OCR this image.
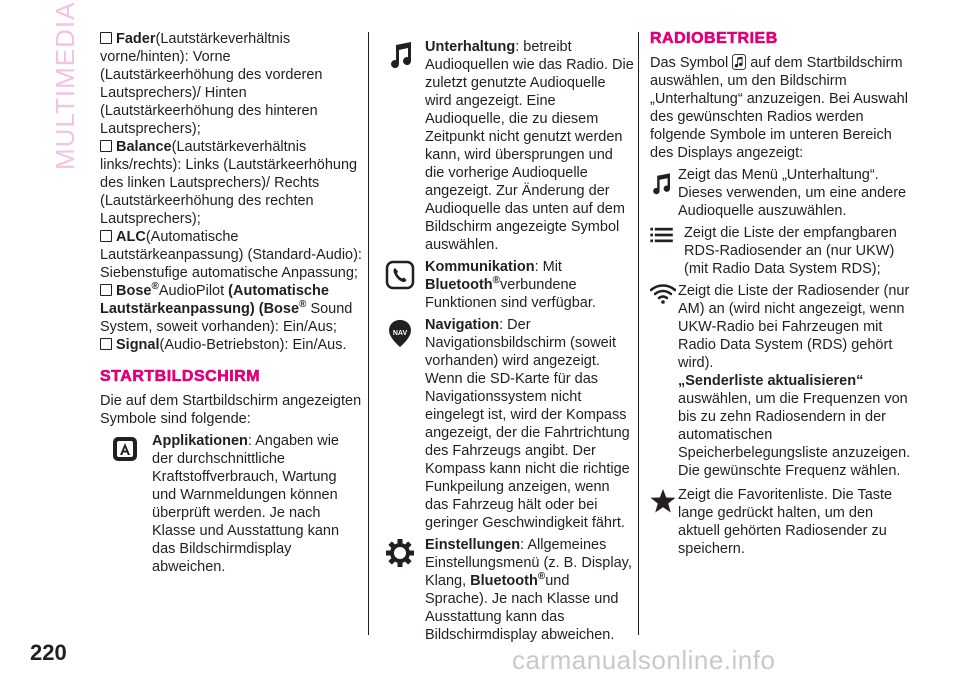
MULTIMEDIA	Fader(Lautstärkeverhältnis vorne/hinten): Vorne (Lautstärkeerhöhung des vorderen Lautsprechers)/ Hinten (Lautstärkeerhöhung des hinteren Lautsprechers);

Balance(Lautstärkeverhältnis links/rechts): Links (Lautstärkeerhöhung des linken Lautsprechers)/ Rechts (Lautstärkeerhöhung des rechten Lautsprechers);

ALC(Automatische Lautstärkeanpassung) (Standard-Audio): Siebenstufige automatische Anpassung;

Bose®AudioPilot (Automatische Lautstärkeanpassung) (Bose® Sound System, soweit vorhanden): Ein/Aus;

Signal(Audio-Betriebston): Ein/Aus.

STARTBILDSCHIRM

Die auf dem Startbildschirm angezeigten Symbole sind folgende:

Applikationen: Angaben wie der durchschnittliche Kraftstoffverbrauch, Wartung und Warnmeldungen können überprüft werden. Je nach Klasse und Ausstattung kann das Bildschirmdisplay abweichen.

Unterhaltung: betreibt Audioquellen wie das Radio. Die zuletzt genutzte Audioquelle wird angezeigt. Eine Audioquelle, die zu diesem Zeitpunkt nicht genutzt werden kann, wird übersprungen und die vorherige Audioquelle angezeigt. Zur Änderung der Audioquelle das unten auf dem Bildschirm angezeigte Symbol auswählen.

Kommunikation: Mit
Bluetooth®verbundene Funktionen sind verfügbar.

NAV

Navigation: Der Navigationsbildschirm (soweit vorhanden) wird angezeigt. Wenn die SD-Karte für das Navigationssystem nicht eingelegt ist, wird der Kompass angezeigt, der die Fahrtrichtung des Fahrzeugs angibt. Der Kompass kann nicht die richtige Funkpeilung anzeigen, wenn das Fahrzeug hält oder bei geringer Geschwindigkeit fährt.

Einstellungen: Allgemeines Einstellungsmenü (z. B. Display, Klang, Bluetooth®und Sprache). Je nach Klasse und Ausstattung kann das Bildschirmdisplay abweichen.

RADIOBETRIEB

Das Symbol auf dem Startbildschirm auswählen, um den Bildschirm „Unterhaltung“ anzuzeigen. Bei Auswahl des gewünschten Radios werden folgende Symbole im unteren Bereich des Displays angezeigt:

Zeigt das Menü „Unterhaltung“. Dieses verwenden, um eine andere Audioquelle auszuwählen.

Zeigt die Liste der empfangbaren RDS-Radiosender an (nur UKW) (mit Radio Data System RDS);

Zeigt die Liste der Radiosender (nur AM) an (wird nicht angezeigt, wenn UKW-Radio bei Fahrzeugen mit Radio Data System (RDS) gehört wird).
„Senderliste aktualisieren“
auswählen, um die Frequenzen von bis zu zehn Radiosendern in der automatischen Speicherbelegungsliste anzuzeigen. Die gewünschte Frequenz wählen.

Zeigt die Favoritenliste. Die Taste lange gedrückt halten, um den aktuell gehörten Radiosender zu speichern.

220	carmanualsonline.info
